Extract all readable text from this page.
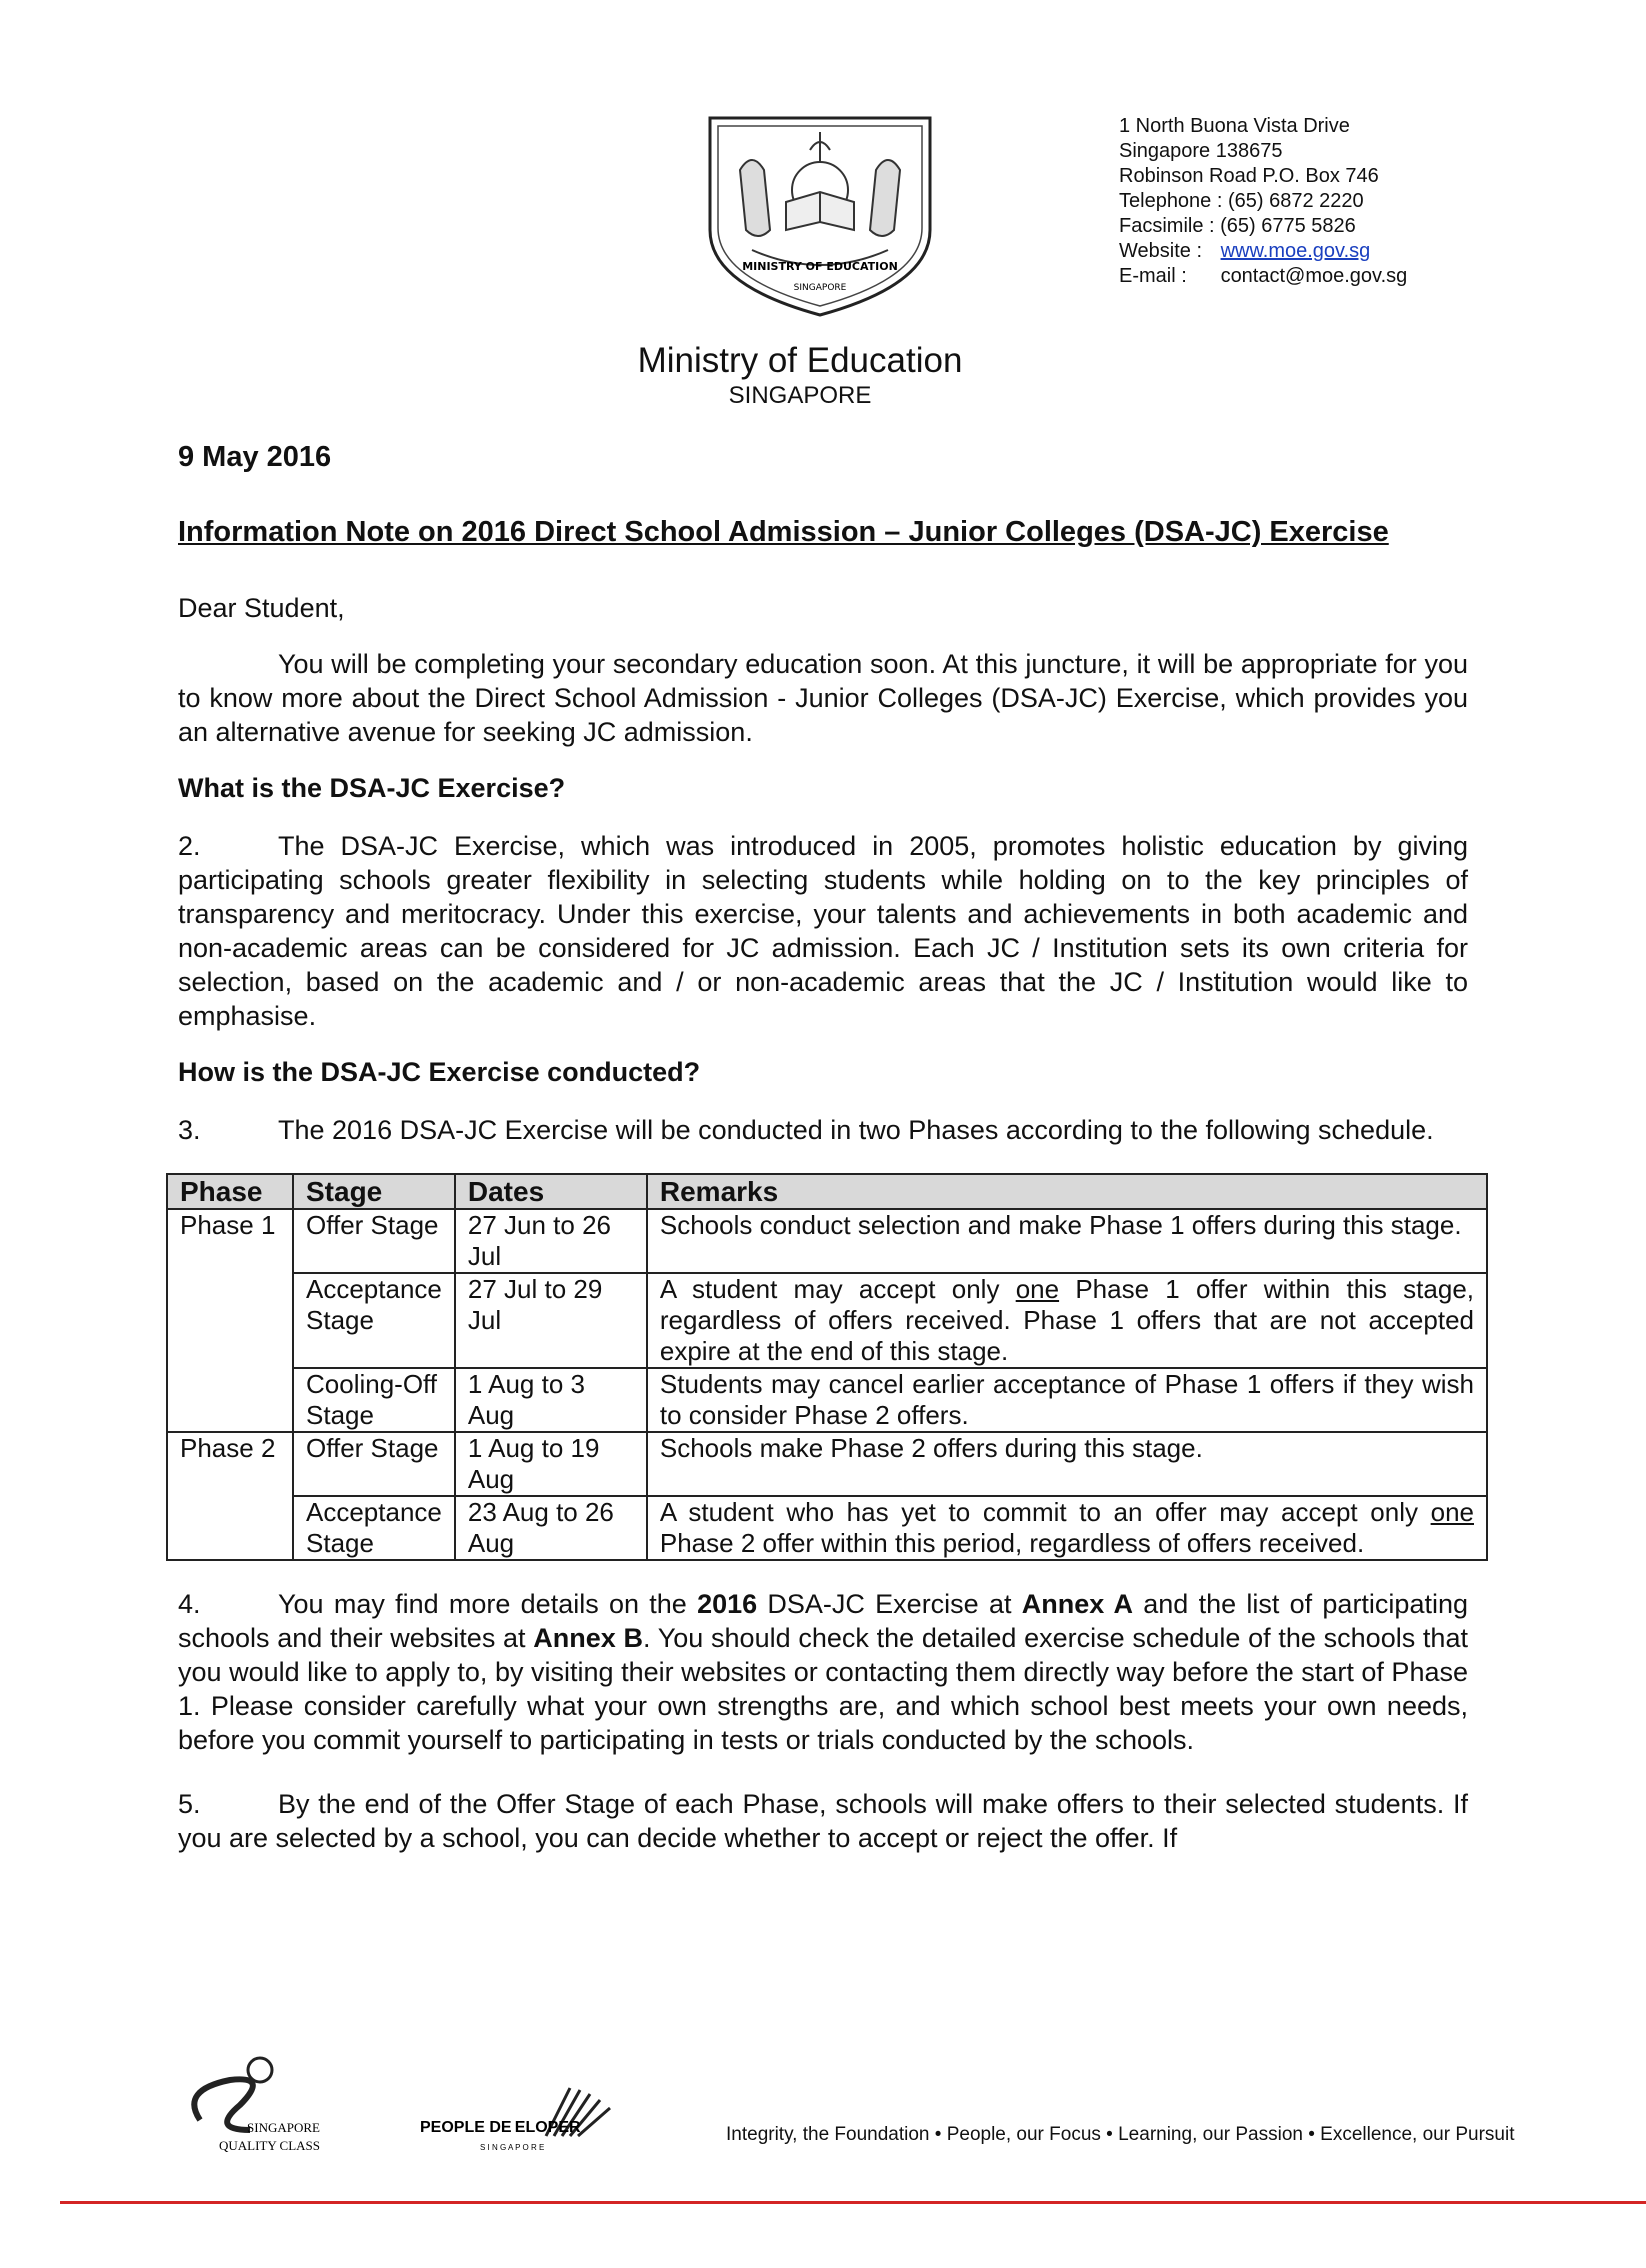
MINISTRY OF EDUCATION
SINGAPORE
1 North Buona Vista Drive
Singapore 138675
Robinson Road P.O. Box 746
Telephone : (65) 6872 2220
Facsimile : (65) 6775 5826
Website : www.moe.gov.sg
E-mail : contact@moe.gov.sg
Ministry of Education
SINGAPORE
9 May 2016
Information Note on 2016 Direct School Admission – Junior Colleges (DSA-JC) Exercise
Dear Student,

You will be completing your secondary education soon. At this juncture, it will be appropriate for you to know more about the Direct School Admission - Junior Colleges (DSA-JC) Exercise, which provides you an alternative avenue for seeking JC admission.

What is the DSA-JC Exercise?

2.	The DSA-JC Exercise, which was introduced in 2005, promotes holistic education by giving participating schools greater flexibility in selecting students while holding on to the key principles of transparency and meritocracy. Under this exercise, your talents and achievements in both academic and non-academic areas can be considered for JC admission. Each JC / Institution sets its own criteria for selection, based on the academic and / or non-academic areas that the JC / Institution would like to emphasise.

How is the DSA-JC Exercise conducted?

3.	The 2016 DSA-JC Exercise will be conducted in two Phases according to the following schedule.

Phase	Stage	Dates	Remarks
Phase 1	Offer Stage	27 Jun to 26 Jul	Schools conduct selection and make Phase 1 offers during this stage.
	Acceptance Stage	27 Jul to 29 Jul	A student may accept only one Phase 1 offer within this stage, regardless of offers received. Phase 1 offers that are not accepted expire at the end of this stage.
	Cooling-Off Stage	1 Aug to 3 Aug	Students may cancel earlier acceptance of Phase 1 offers if they wish to consider Phase 2 offers.
Phase 2	Offer Stage	1 Aug to 19 Aug	Schools make Phase 2 offers during this stage.
	Acceptance Stage	23 Aug to 26 Aug	A student who has yet to commit to an offer may accept only one Phase 2 offer within this period, regardless of offers received.

4.	You may find more details on the 2016 DSA-JC Exercise at Annex A and the list of participating schools and their websites at Annex B. You should check the detailed exercise schedule of the schools that you would like to apply to, by visiting their websites or contacting them directly way before the start of Phase 1. Please consider carefully what your own strengths are, and which school best meets your own needs, before you commit yourself to participating in tests or trials conducted by the schools.

5.	By the end of the Offer Stage of each Phase, schools will make offers to their selected students. If you are selected by a school, you can decide whether to accept or reject the offer. If

SINGAPORE
QUALITY CLASS
PEOPLE DE ELOPER
S I N G A P O R E
Integrity, the Foundation • People, our Focus • Learning, our Passion • Excellence, our Pursuit
